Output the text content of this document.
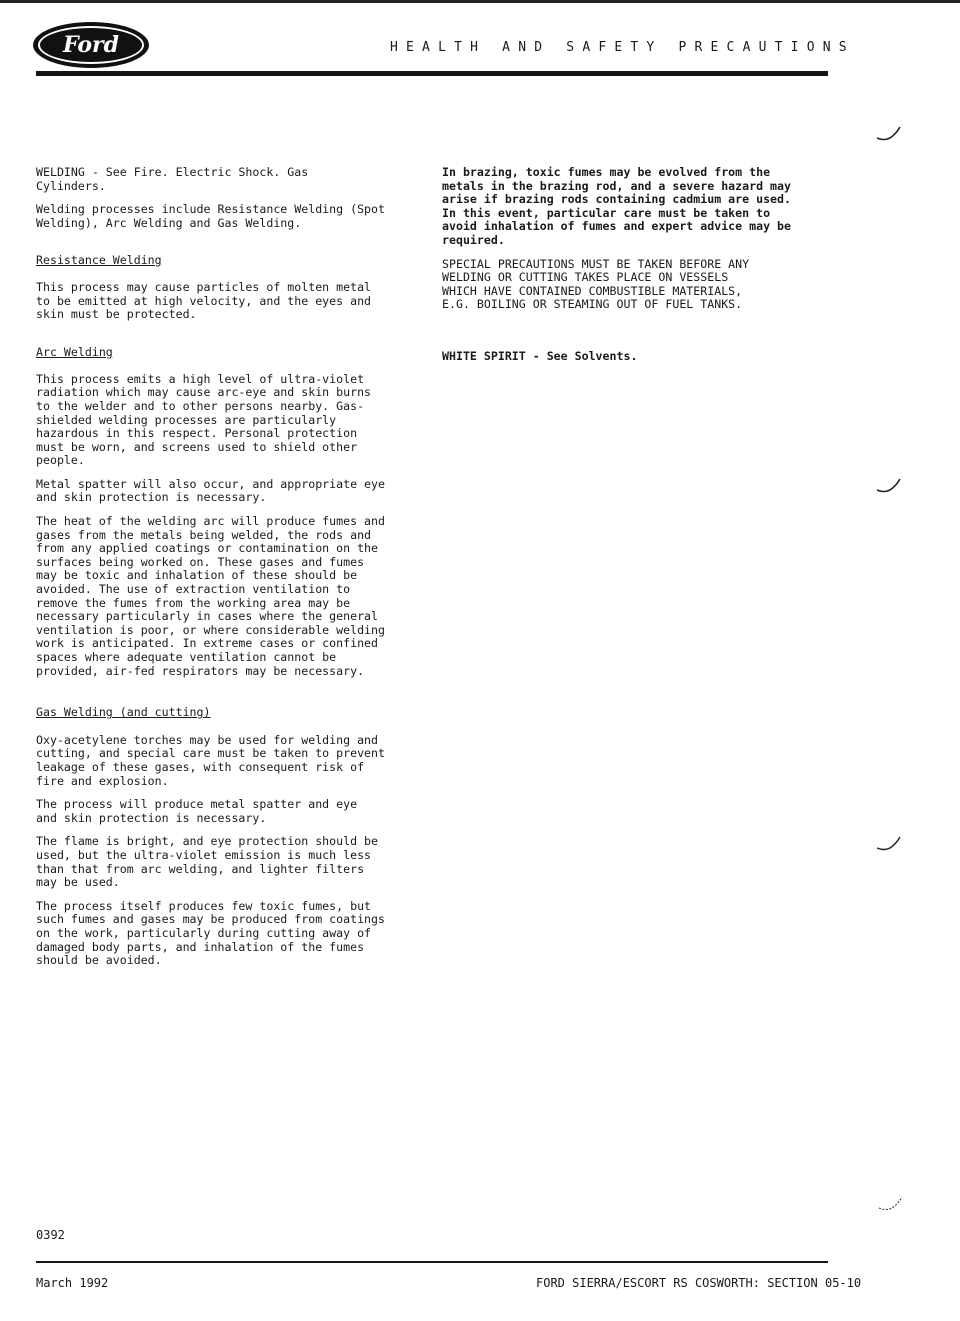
Ford	HEALTH AND SAFETY PRECAUTIONS

WELDING - See Fire. Electric Shock. Gas
Cylinders.

Welding processes include Resistance Welding (Spot
Welding), Arc Welding and Gas Welding.

Resistance Welding

This process may cause particles of molten metal
to be emitted at high velocity, and the eyes and
skin must be protected.

Arc Welding

This process emits a high level of ultra-violet
radiation which may cause arc-eye and skin burns
to the welder and to other persons nearby. Gas-
shielded welding processes are particularly
hazardous in this respect. Personal protection
must be worn, and screens used to shield other
people.

Metal spatter will also occur, and appropriate eye
and skin protection is necessary.

The heat of the welding arc will produce fumes and
gases from the metals being welded, the rods and
from any applied coatings or contamination on the
surfaces being worked on. These gases and fumes
may be toxic and inhalation of these should be
avoided. The use of extraction ventilation to
remove the fumes from the working area may be
necessary particularly in cases where the general
ventilation is poor, or where considerable welding
work is anticipated. In extreme cases or confined
spaces where adequate ventilation cannot be
provided, air-fed respirators may be necessary.

Gas Welding (and cutting)

Oxy-acetylene torches may be used for welding and
cutting, and special care must be taken to prevent
leakage of these gases, with consequent risk of
fire and explosion.

The process will produce metal spatter and eye
and skin protection is necessary.

The flame is bright, and eye protection should be
used, but the ultra-violet emission is much less
than that from arc welding, and lighter filters
may be used.

The process itself produces few toxic fumes, but
such fumes and gases may be produced from coatings
on the work, particularly during cutting away of
damaged body parts, and inhalation of the fumes
should be avoided.

In brazing, toxic fumes may be evolved from the
metals in the brazing rod, and a severe hazard may
arise if brazing rods containing cadmium are used.
In this event, particular care must be taken to
avoid inhalation of fumes and expert advice may be
required.

SPECIAL PRECAUTIONS MUST BE TAKEN BEFORE ANY
WELDING OR CUTTING TAKES PLACE ON VESSELS
WHICH HAVE CONTAINED COMBUSTIBLE MATERIALS,
E.G. BOILING OR STEAMING OUT OF FUEL TANKS.

WHITE SPIRIT - See Solvents.

0392
March 1992	FORD SIERRA/ESCORT RS COSWORTH: SECTION 05-10
